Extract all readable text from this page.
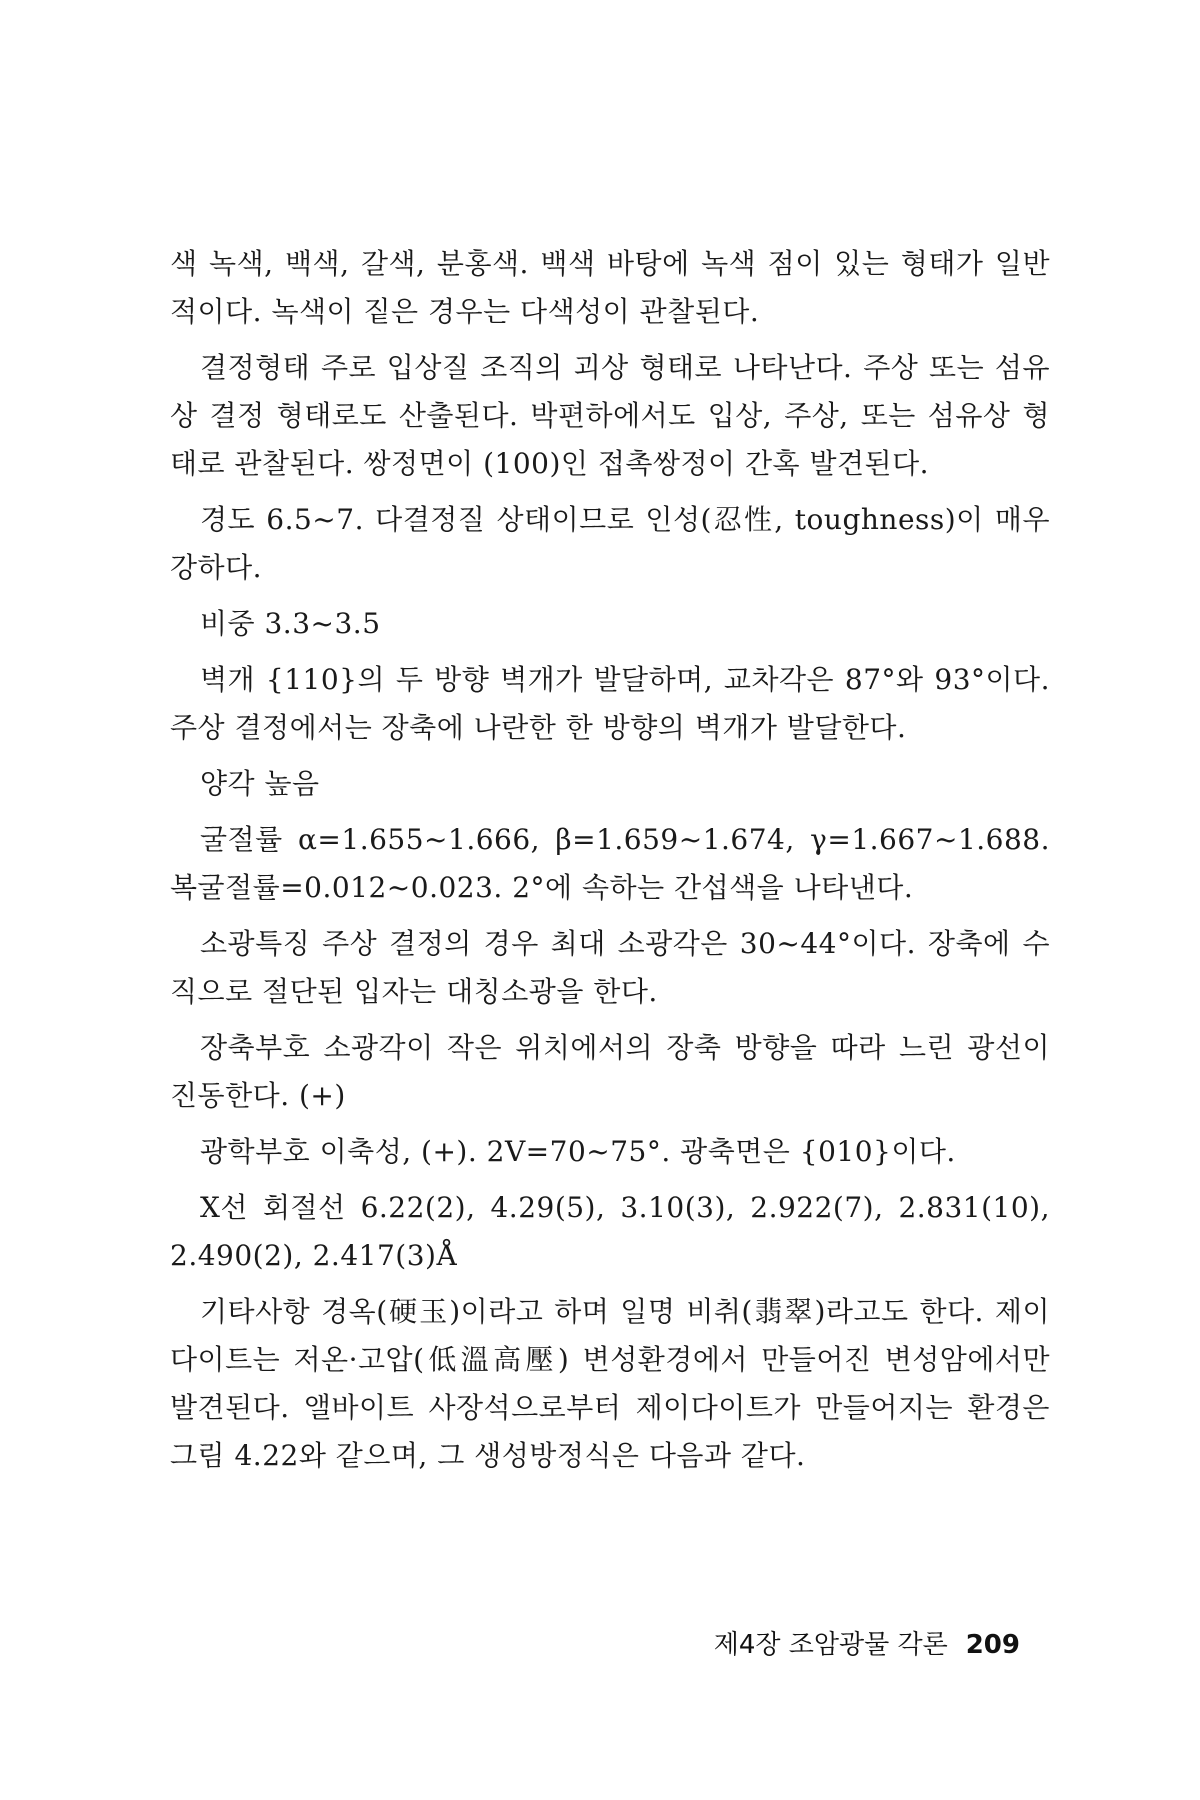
색 녹색, 백색, 갈색, 분홍색. 백색 바탕에 녹색 점이 있는 형태가 일반적이다. 녹색이 짙은 경우는 다색성이 관찰된다.

결정형태 주로 입상질 조직의 괴상 형태로 나타난다. 주상 또는 섬유상 결정 형태로도 산출된다. 박편하에서도 입상, 주상, 또는 섬유상 형태로 관찰된다. 쌍정면이 (100)인 접촉쌍정이 간혹 발견된다.

경도 6.5~7. 다결정질 상태이므로 인성(忍性, toughness)이 매우 강하다.

비중 3.3~3.5

벽개 {110}의 두 방향 벽개가 발달하며, 교차각은 87°와 93°이다. 주상 결정에서는 장축에 나란한 한 방향의 벽개가 발달한다.

양각 높음

굴절률 α=1.655~1.666, β=1.659~1.674, γ=1.667~1.688. 복굴절률=0.012~0.023. 2°에 속하는 간섭색을 나타낸다.

소광특징 주상 결정의 경우 최대 소광각은 30~44°이다. 장축에 수직으로 절단된 입자는 대칭소광을 한다.

장축부호 소광각이 작은 위치에서의 장축 방향을 따라 느린 광선이 진동한다. (+)

광학부호 이축성, (+). 2V=70~75°. 광축면은 {010}이다.

X선 회절선 6.22(2), 4.29(5), 3.10(3), 2.922(7), 2.831(10), 2.490(2), 2.417(3)Å

기타사항 경옥(硬玉)이라고 하며 일명 비취(翡翠)라고도 한다. 제이다이트는 저온·고압(低溫高壓) 변성환경에서 만들어진 변성암에서만 발견된다. 앨바이트 사장석으로부터 제이다이트가 만들어지는 환경은 그림 4.22와 같으며, 그 생성방정식은 다음과 같다.

제4장 조암광물 각론 209
